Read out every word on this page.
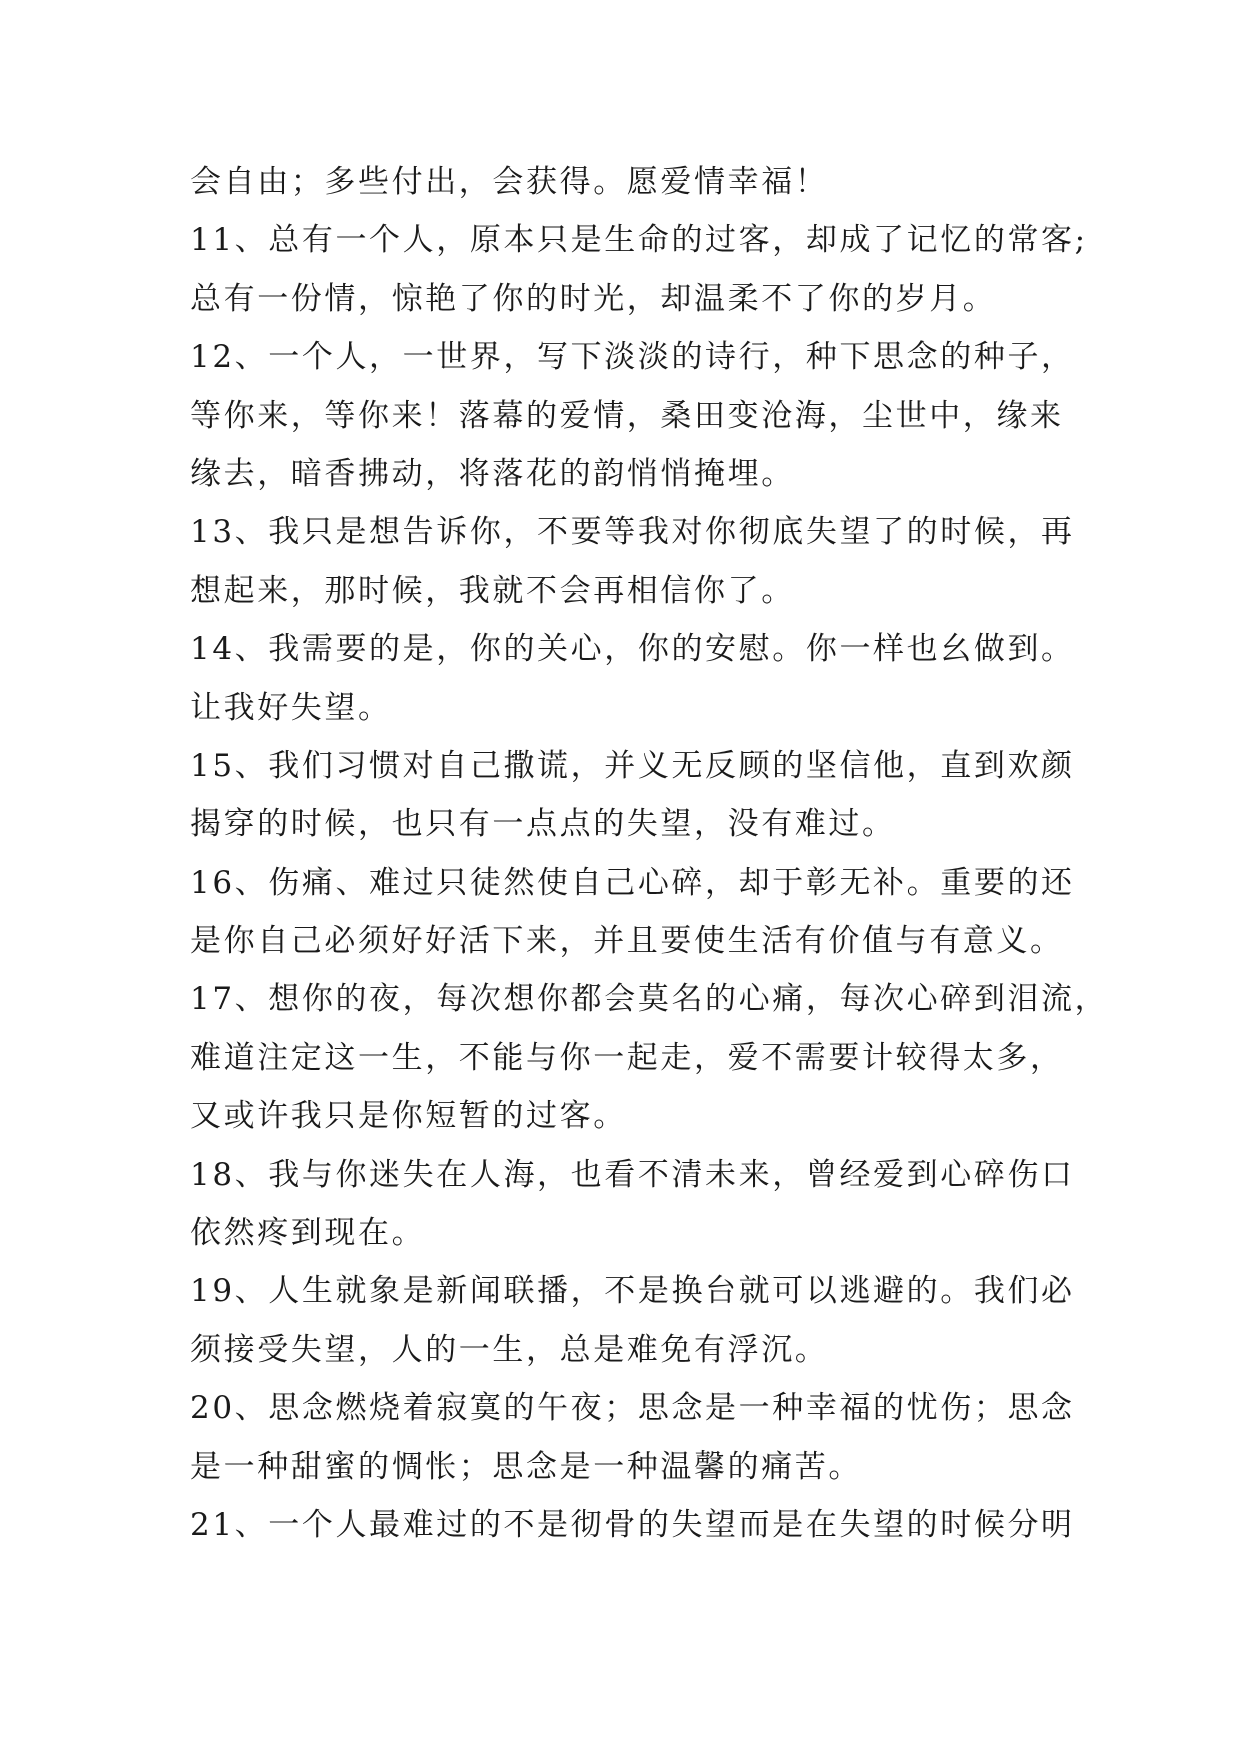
会自由；多些付出，会获得。愿爱情幸福！
11、总有一个人，原本只是生命的过客，却成了记忆的常客;
总有一份情，惊艳了你的时光，却温柔不了你的岁月。
12、一个人，一世界，写下淡淡的诗行，种下思念的种子，
等你来，等你来！落幕的爱情，桑田变沧海，尘世中，缘来
缘去，暗香拂动，将落花的韵悄悄掩埋。
13、我只是想告诉你，不要等我对你彻底失望了的时候，再
想起来，那时候，我就不会再相信你了。
14、我需要的是，你的关心，你的安慰。你一样也幺做到。
让我好失望。
15、我们习惯对自己撒谎，并义无反顾的坚信他，直到欢颜
揭穿的时候，也只有一点点的失望，没有难过。
16、伤痛、难过只徒然使自己心碎，却于彰无补。重要的还
是你自己必须好好活下来，并且要使生活有价值与有意义。
17、想你的夜，每次想你都会莫名的心痛，每次心碎到泪流，
难道注定这一生，不能与你一起走，爱不需要计较得太多，
又或许我只是你短暂的过客。
18、我与你迷失在人海，也看不清未来，曾经爱到心碎伤口
依然疼到现在。
19、人生就象是新闻联播，不是换台就可以逃避的。我们必
须接受失望，人的一生，总是难免有浮沉。
20、思念燃烧着寂寞的午夜；思念是一种幸福的忧伤；思念
是一种甜蜜的惆怅；思念是一种温馨的痛苦。
21、一个人最难过的不是彻骨的失望而是在失望的时候分明
